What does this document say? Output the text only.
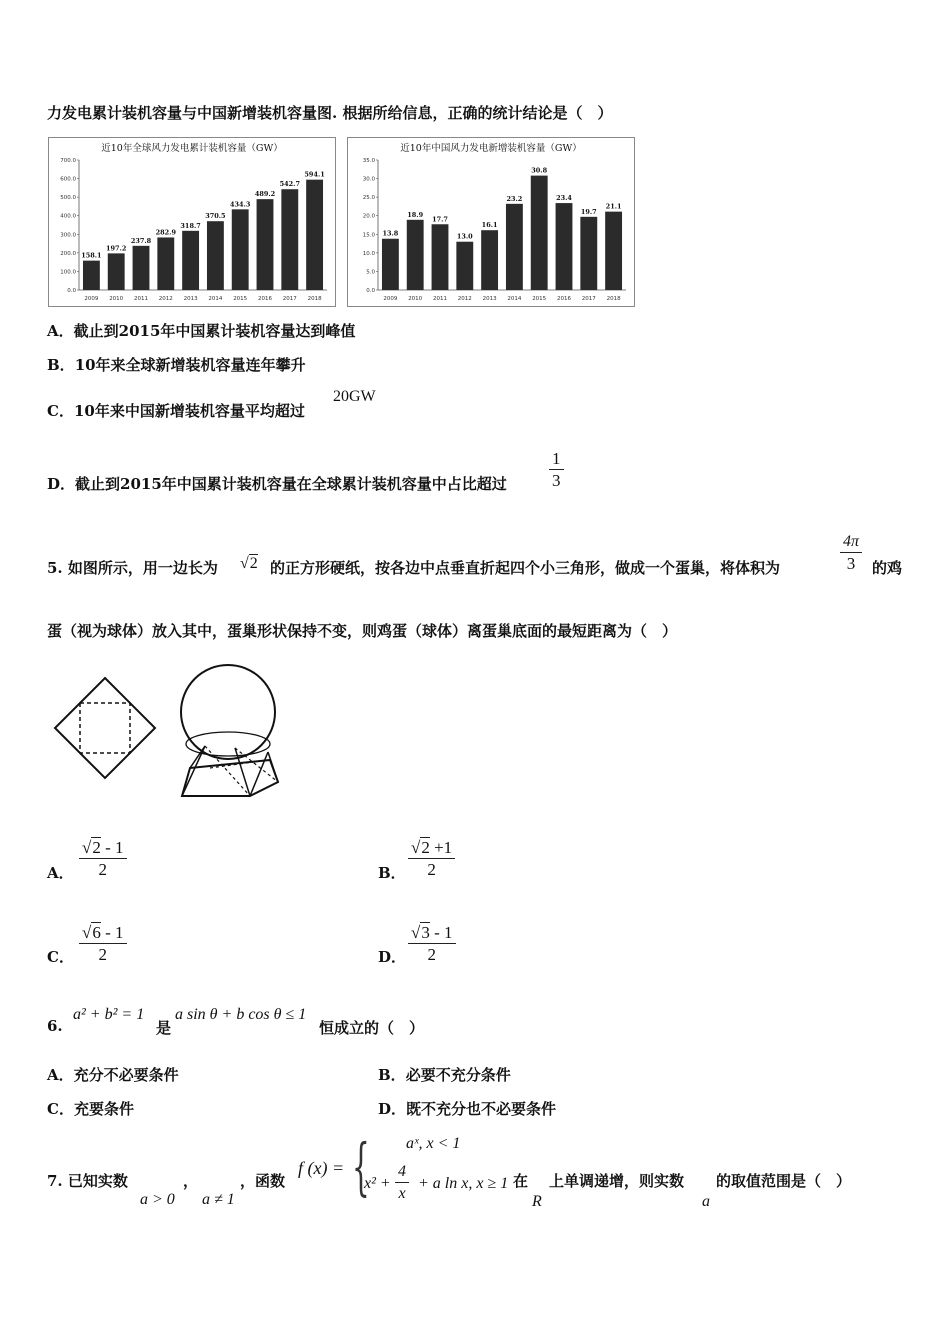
力发电累计装机容量与中国新增装机容量图. 根据所给信息，正确的统计结论是（　）
近10年全球风力发电累计装机容量（GW）
0.0
100.0
200.0
300.0
400.0
500.0
600.0
700.0
158.1
2009
197.2
2010
237.8
2011
282.9
2012
318.7
2013
370.5
2014
434.3
2015
489.2
2016
542.7
2017
594.1
2018
近10年中国风力发电新增装机容量（GW）
0.0
5.0
10.0
15.0
20.0
25.0
30.0
35.0
13.8
2009
18.9
2010
17.7
2011
13.0
2012
16.1
2013
23.2
2014
30.8
2015
23.4
2016
19.7
2017
21.1
2018
A．截止到2015年中国累计装机容量达到峰值
B．10年来全球新增装机容量连年攀升
C．10年来中国新增装机容量平均超过
20GW
D．截止到2015年中国累计装机容量在全球累计装机容量中占比超过 $\frac{1}{3}$
5. 如图所示，用一边长为 √2 的正方形硬纸，按各边中点垂直折起四个小三角形，做成一个蛋巢，将体积为	$\frac{4\pi}{3}$ 的鸡
蛋（视为球体）放入其中，蛋巢形状保持不变，则鸡蛋（球体）离蛋巢底面的最短距离为（　）
A． $\frac{√2 - 1}{2}$	B． $\frac{√2 +1}{2}$
C． $\frac{√6 - 1}{2}$	D． $\frac{√3 - 1}{2}$
6.
a² + b² = 1
是
a sin θ + b cos θ ≤ 1
恒成立的（　）
A．充分不必要条件	B．必要不充分条件
C．充要条件	D．既不充分也不必要条件
7. 已知实数	，	，函数
a > 0 a ≠ 1
f (x) = { aˣ, x < 1
$x^2 + \frac{4}{x} + a$ ln x, x ≥ 1 在
R
上单调递增，则实数
a
的取值范围是（　）
